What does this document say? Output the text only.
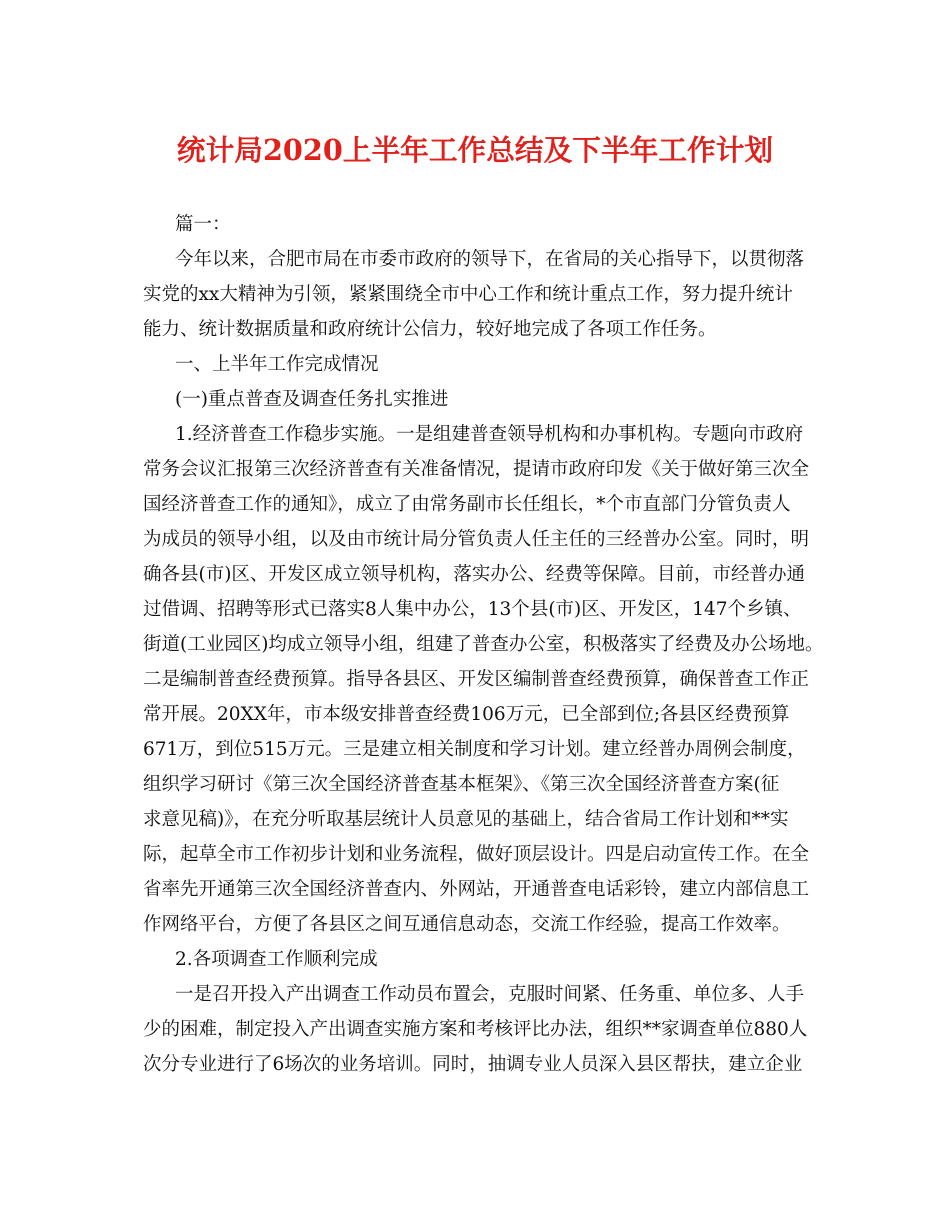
统计局2020上半年工作总结及下半年工作计划
篇一：
今年以来，合肥市局在市委市政府的领导下，在省局的关心指导下，以贯彻落
实党的xx大精神为引领，紧紧围绕全市中心工作和统计重点工作，努力提升统计
能力、统计数据质量和政府统计公信力，较好地完成了各项工作任务。
一、上半年工作完成情况
(一)重点普查及调查任务扎实推进
1.经济普查工作稳步实施。一是组建普查领导机构和办事机构。专题向市政府
常务会议汇报第三次经济普查有关准备情况，提请市政府印发《关于做好第三次全
国经济普查工作的通知》，成立了由常务副市长任组长，*个市直部门分管负责人
为成员的领导小组，以及由市统计局分管负责人任主任的三经普办公室。同时，明
确各县(市)区、开发区成立领导机构，落实办公、经费等保障。目前，市经普办通
过借调、招聘等形式已落实8人集中办公，13个县(市)区、开发区，147个乡镇、
街道(工业园区)均成立领导小组，组建了普查办公室，积极落实了经费及办公场地。
二是编制普查经费预算。指导各县区、开发区编制普查经费预算，确保普查工作正
常开展。20XX年，市本级安排普查经费106万元，已全部到位;各县区经费预算
671万，到位515万元。三是建立相关制度和学习计划。建立经普办周例会制度，
组织学习研讨《第三次全国经济普查基本框架》、《第三次全国经济普查方案(征
求意见稿)》，在充分听取基层统计人员意见的基础上，结合省局工作计划和**实
际，起草全市工作初步计划和业务流程，做好顶层设计。四是启动宣传工作。在全
省率先开通第三次全国经济普查内、外网站，开通普查电话彩铃，建立内部信息工
作网络平台，方便了各县区之间互通信息动态，交流工作经验，提高工作效率。
2.各项调查工作顺利完成
一是召开投入产出调查工作动员布置会，克服时间紧、任务重、单位多、人手
少的困难，制定投入产出调查实施方案和考核评比办法，组织**家调查单位880人
次分专业进行了6场次的业务培训。同时，抽调专业人员深入县区帮扶，建立企业
